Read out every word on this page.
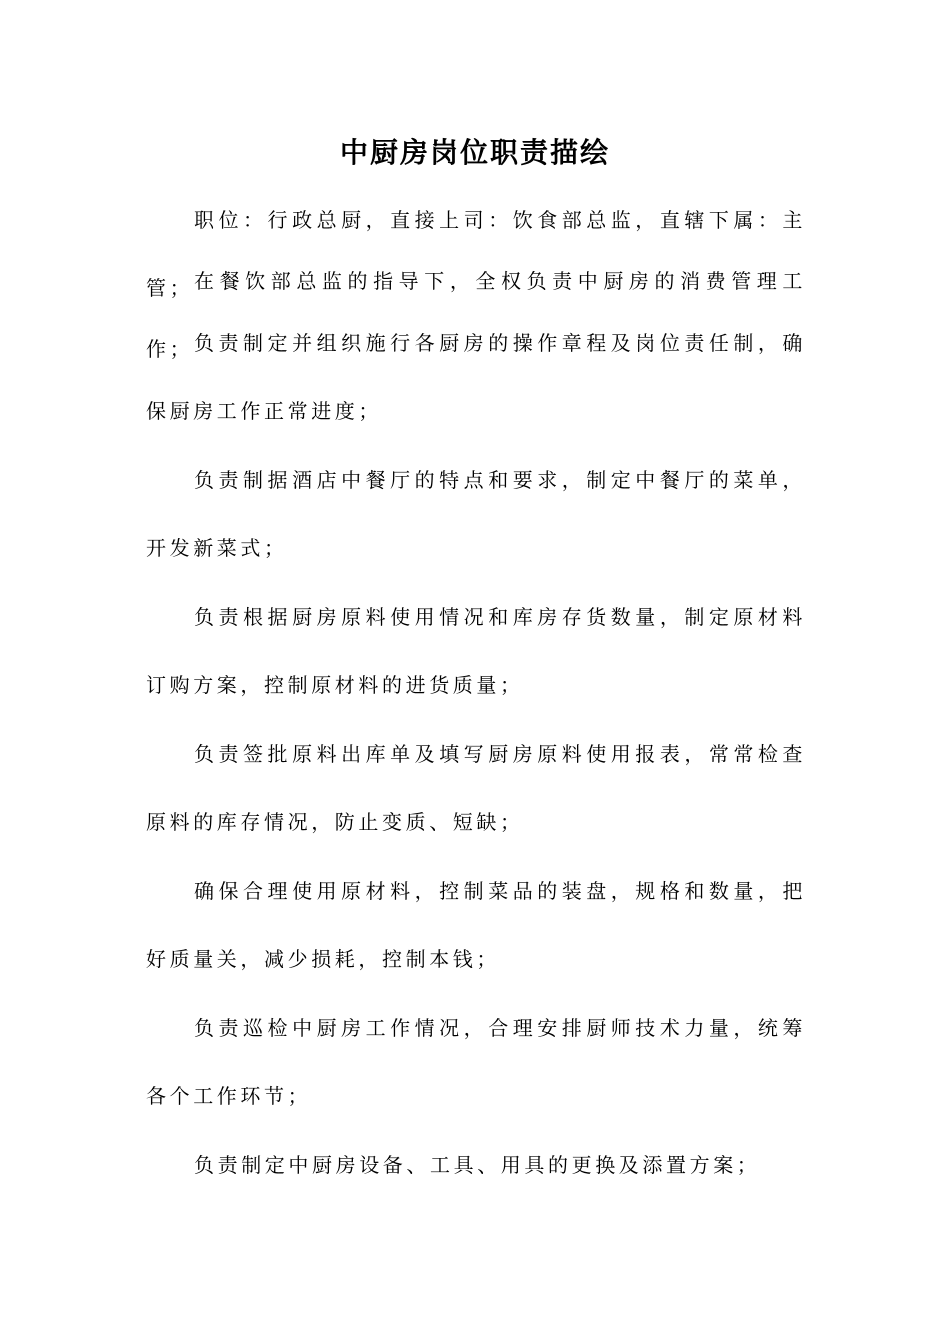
中厨房岗位职责描绘

职位：行政总厨，直接上司：饮食部总监，直辖下属：主管； 在餐饮部总监的指导下，全权负责中厨房的消费管理工作； 负责制定并组织施行各厨房的操作章程及岗位责任制，确保厨房工作正常进度；

负责制据酒店中餐厅的特点和要求，制定中餐厅的菜单，开发新菜式；

负责根据厨房原料使用情况和库房存货数量，制定原材料订购方案，控制原材料的进货质量；

负责签批原料出库单及填写厨房原料使用报表，常常检查原料的库存情况，防止变质、短缺；

确保合理使用原材料，控制菜品的装盘，规格和数量，把好质量关，减少损耗，控制本钱；

负责巡检中厨房工作情况，合理安排厨师技术力量，统筹各个工作环节；

负责制定中厨房设备、工具、用具的更换及添置方案；
